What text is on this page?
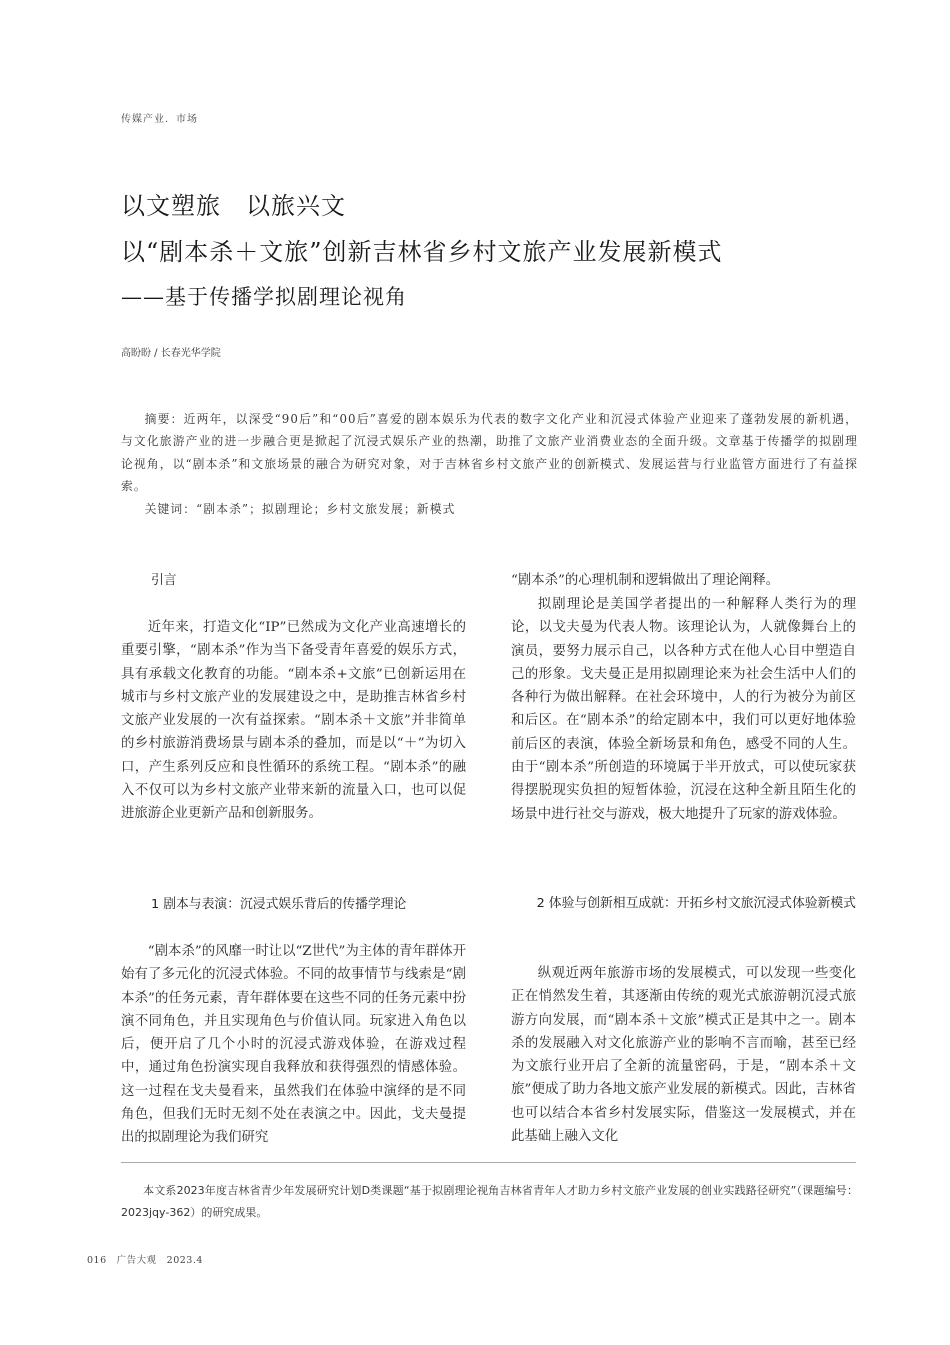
传媒产业．市场
以文塑旅　以旅兴文
以“剧本杀＋文旅”创新吉林省乡村文旅产业发展新模式
——基于传播学拟剧理论视角
高盼盼 / 长春光华学院

摘要：近两年，以深受“90后”和“00后”喜爱的剧本娱乐为代表的数字文化产业和沉浸式体验产业迎来了蓬勃发展的新机遇，与文化旅游产业的进一步融合更是掀起了沉浸式娱乐产业的热潮，助推了文旅产业消费业态的全面升级。文章基于传播学的拟剧理论视角，以“剧本杀”和文旅场景的融合为研究对象，对于吉林省乡村文旅产业的创新模式、发展运营与行业监管方面进行了有益探索。

关键词：“剧本杀”；拟剧理论；乡村文旅发展；新模式
引言

近年来，打造文化“IP”已然成为文化产业高速增长的重要引擎，“剧本杀”作为当下备受青年喜爱的娱乐方式，具有承载文化教育的功能。“剧本杀+文旅”已创新运用在城市与乡村文旅产业的发展建设之中，是助推吉林省乡村文旅产业发展的一次有益探索。“剧本杀＋文旅”并非简单的乡村旅游消费场景与剧本杀的叠加，而是以“＋”为切入口，产生系列反应和良性循环的系统工程。“剧本杀”的融入不仅可以为乡村文旅产业带来新的流量入口，也可以促进旅游企业更新产品和创新服务。

1 剧本与表演：沉浸式娱乐背后的传播学理论

“剧本杀”的风靡一时让以“Z世代”为主体的青年群体开始有了多元化的沉浸式体验。不同的故事情节与线索是“剧本杀”的任务元素，青年群体要在这些不同的任务元素中扮演不同角色，并且实现角色与价值认同。玩家进入角色以后，便开启了几个小时的沉浸式游戏体验，在游戏过程中，通过角色扮演实现自我释放和获得强烈的情感体验。这一过程在戈夫曼看来，虽然我们在体验中演绎的是不同角色，但我们无时无刻不处在表演之中。因此，戈夫曼提出的拟剧理论为我们研究

“剧本杀”的心理机制和逻辑做出了理论阐释。

拟剧理论是美国学者提出的一种解释人类行为的理论，以戈夫曼为代表人物。该理论认为，人就像舞台上的演员，要努力展示自己，以各种方式在他人心目中塑造自己的形象。戈夫曼正是用拟剧理论来为社会生活中人们的各种行为做出解释。在社会环境中，人的行为被分为前区和后区。在“剧本杀”的给定剧本中，我们可以更好地体验前后区的表演，体验全新场景和角色，感受不同的人生。由于“剧本杀”所创造的环境属于半开放式，可以使玩家获得摆脱现实负担的短暂体验，沉浸在这种全新且陌生化的场景中进行社交与游戏，极大地提升了玩家的游戏体验。

2 体验与创新相互成就：开拓乡村文旅沉浸式体验新模式

纵观近两年旅游市场的发展模式，可以发现一些变化正在悄然发生着，其逐渐由传统的观光式旅游朝沉浸式旅游方向发展，而“剧本杀＋文旅”模式正是其中之一。剧本杀的发展融入对文化旅游产业的影响不言而喻，甚至已经为文旅行业开启了全新的流量密码，于是，“剧本杀＋文旅”便成了助力各地文旅产业发展的新模式。因此，吉林省也可以结合本省乡村发展实际，借鉴这一发展模式，并在此基础上融入文化

本文系2023年度吉林省青少年发展研究计划D类课题“基于拟剧理论视角吉林省青年人才助力乡村文旅产业发展的创业实践路径研究”（课题编号：2023jqy-362）的研究成果。

016 广告大观 2023.4
